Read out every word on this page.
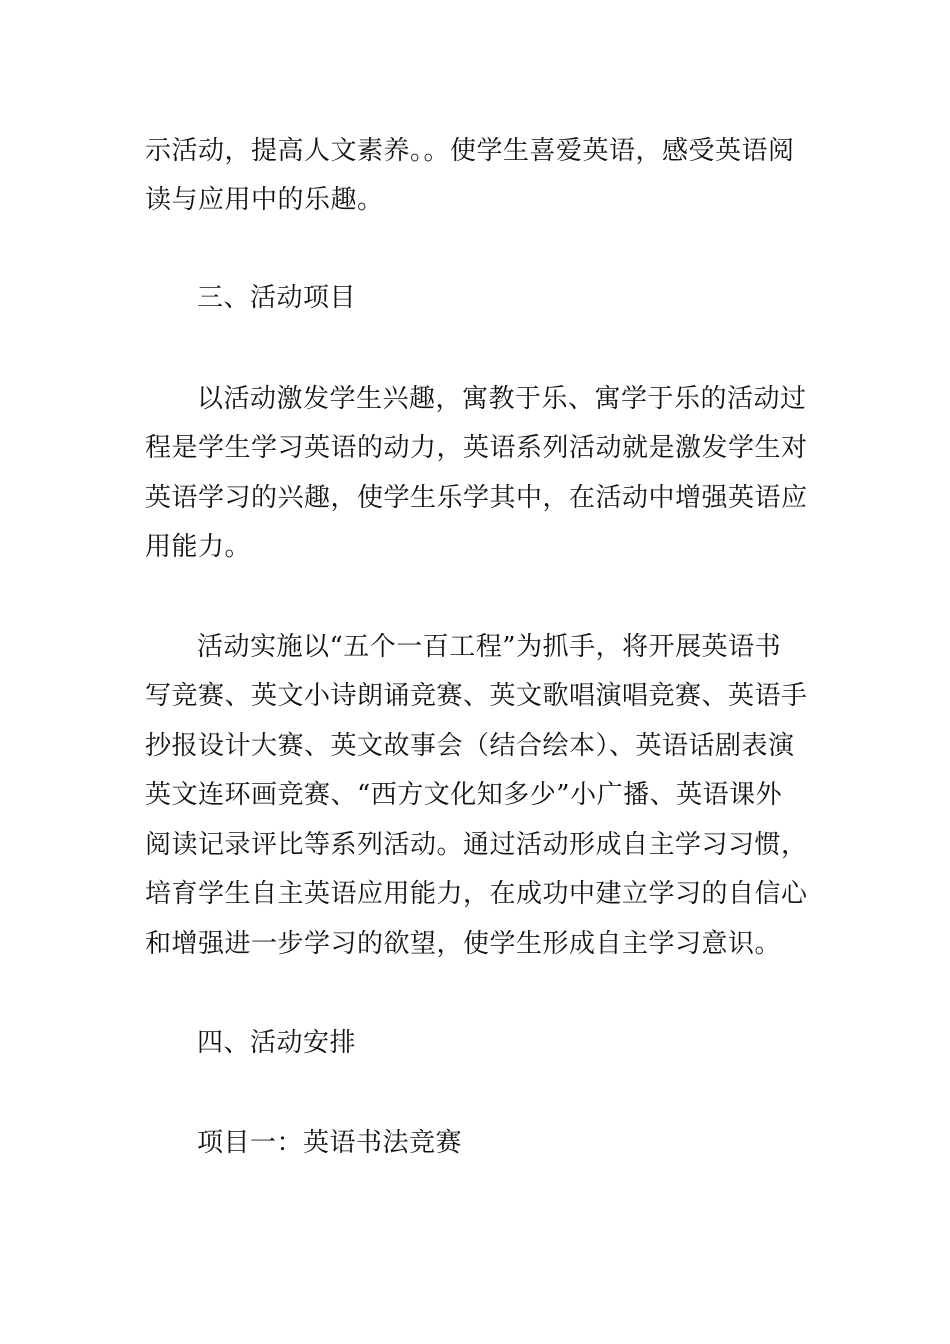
示活动，提高人文素养。。使学生喜爱英语，感受英语阅
读与应用中的乐趣。
三、活动项目
以活动激发学生兴趣，寓教于乐、寓学于乐的活动过
程是学生学习英语的动力，英语系列活动就是激发学生对
英语学习的兴趣，使学生乐学其中，在活动中增强英语应
用能力。
活动实施以“五个一百工程”为抓手，将开展英语书
写竞赛、英文小诗朗诵竞赛、英文歌唱演唱竞赛、英语手
抄报设计大赛、英文故事会（结合绘本）、英语话剧表演
英文连环画竞赛、“西方文化知多少”小广播、英语课外
阅读记录评比等系列活动。通过活动形成自主学习习惯，
培育学生自主英语应用能力，在成功中建立学习的自信心
和增强进一步学习的欲望，使学生形成自主学习意识。
四、活动安排
项目一：英语书法竞赛
